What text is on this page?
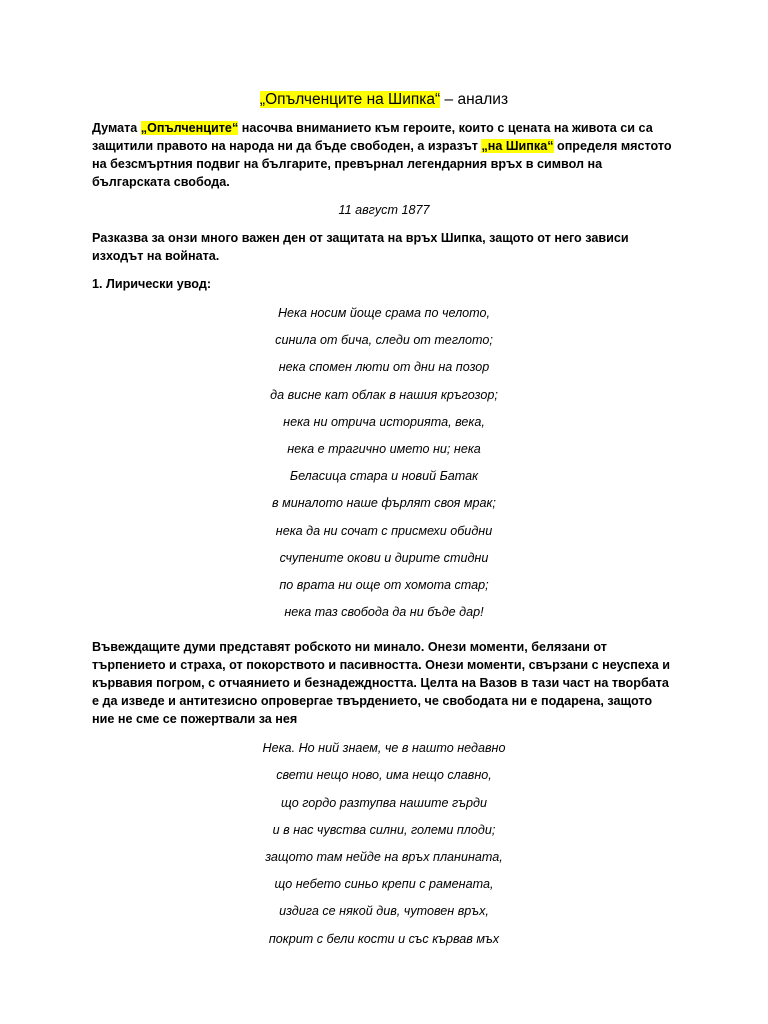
„Опълченците на Шипка“ – анализ

Думата „Опълченците“ насочва вниманието към героите, които с цената на живота си са защитили правото на народа ни да бъде свободен, а изразът „на Шипка“ определя мястото на безсмъртния подвиг на българите, превърнал легендарния връх в символ на българската свобода.

11 август 1877

Разказва за онзи много важен ден от защитата на връх Шипка, защото от него зависи изходът на войната.

1. Лирически увод:
Нека носим йоще срама по челото,
синила от бича, следи от теглото;
нека спомен люти от дни на позор
да висне кат облак в нашия кръгозор;
нека ни отрича историята, века,
нека е трагично името ни; нека
Беласица стара и новий Батак
в миналото наше фърлят своя мрак;
нека да ни сочат с присмехи обидни
счупените окови и дирите стидни
по врата ни още от хомота стар;
нека таз свобода да ни бъде дар!

Въвеждащите думи представят робското ни минало. Онези моменти, белязани от търпението и страха, от покорството и пасивността. Онези моменти, свързани с неуспеха и кървавия погром, с отчаянието и безнадеждността. Целта на Вазов в тази част на творбата е да изведе и антитезисно опровергае твърдението, че свободата ни е подарена, защото ние не сме се пожертвали за нея

Нека. Но ний знаем, че в нашто недавно
свети нещо ново, има нещо славно,
що гордо разтупва нашите гърди
и в нас чувства силни, големи плоди;
защото там нейде на връх планината,
що небето синьо крепи с рамената,
издига се някой див, чутовен връх,
покрит с бели кости и със кървав мъх
